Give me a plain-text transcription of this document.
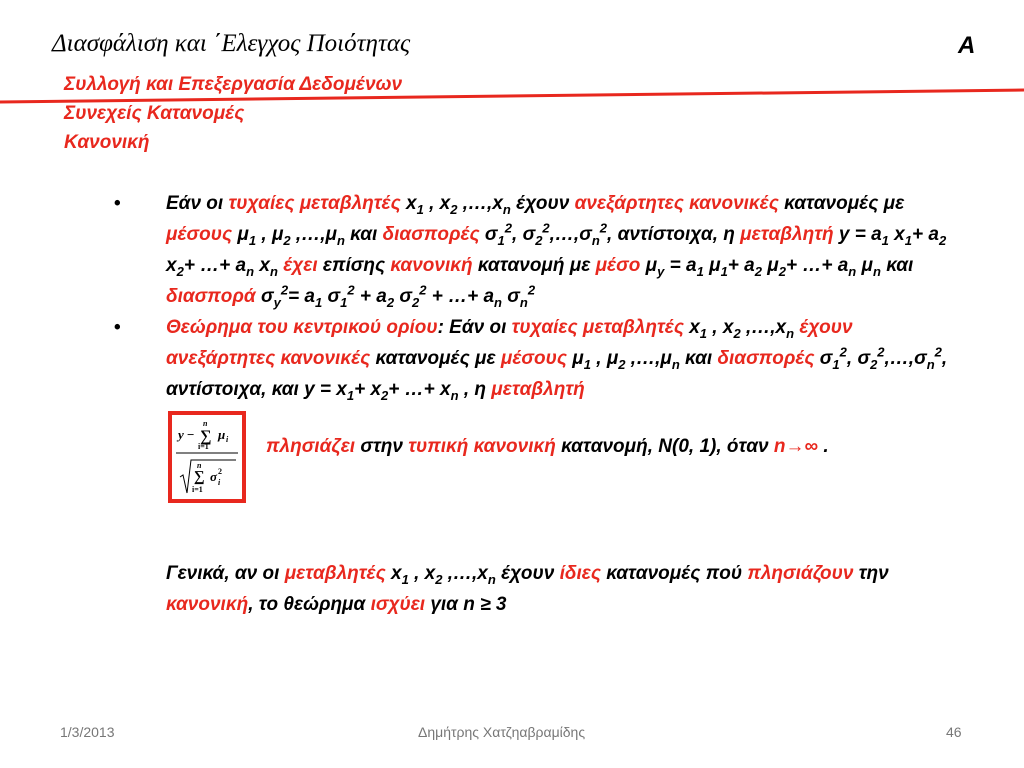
Διασφάλιση και ΄Ελεγχος Ποιότητας	A
Συλλογή και Επεξεργασία Δεδομένων
Συνεχείς Κατανομές
Κανονική
• Εάν οι τυχαίες μεταβλητές $x_1$ , $x_2$ $,\dots,x_n$ έχουν ανεξάρτητες κανονικές κατανομές με μέσους $\mu_1$ , $\mu_2$ $,\dots,\mu_n$ και διασπορές $\sigma_1^2$, $\sigma_2^2,\dots,\sigma_n^2$, αντίστοιχα, η μεταβλητή $y = a_1$ $x_1+ a_2$ $x_2+$ …+ $a_n$ $x_n$ έχει επίσης κανονική κατανομή με μέσο $\mu_y = a_1$ $\mu_1+ a_2$ $\mu_2+$ …+ $a_n$ $\mu_n$ και διασπορά $\sigma_y^2= a_1$ $\sigma_1^2 + a_2$ $\sigma_2^2$ + …+ $a_n$ $\sigma_n^2$
• Θεώρημα του κεντρικού ορίου: Εάν οι τυχαίες μεταβλητές $x_1$ , $x_2$ $,\dots,x_n$ έχουν ανεξάρτητες κανονικές κατανομές με μέσους $\mu_1$ , $\mu_2$ $,\dots,\mu_n$ και διασπορές $\sigma_1^2$, $\sigma_2^2,\dots,\sigma_n^2$, αντίστοιχα, και $y = x_1+ x_2+$ …+ $x_n$ , η μεταβλητή
y − ∑
n
i=1
μ i
∑
n
i=1
σ i
2
πλησιάζει στην τυπική κανονική κατανομή, N(0, 1), όταν n→∞ .
Γενικά, αν οι μεταβλητές $x_1$ , $x_2$ $,\dots,x_n$ έχουν ίδιες κατανομές πού πλησιάζουν την κανονική, το θεώρημα ισχύει για n ≥ 3
1/3/2013	Δημήτρης Χατζηαβραμίδης	46
